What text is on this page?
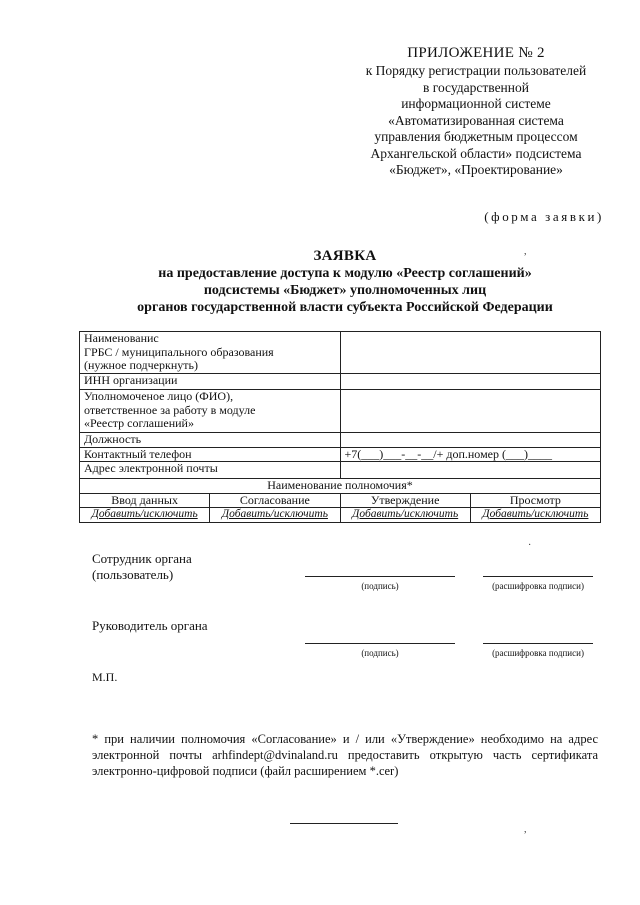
ПРИЛОЖЕНИЕ № 2
к Порядку регистрации пользователей
в государственной
информационной системе
«Автоматизированная система
управления бюджетным процессом
Архангельской области» подсистема
«Бюджет», «Проектирование»
(форма заявки)
,
·
,
ЗАЯВКА
на предоставление доступа к модулю «Реестр соглашений»
подсистемы «Бюджет» уполномоченных лиц
органов государственной власти субъекта Российской Федерации
Наименованис
ГРБС / муниципального образования
(нужное подчеркнуть)			

ИНН организации			

Уполномоченое лицо (ФИО),
ответственное за работу в модуле
«Реестр соглашений»			

Должность			
Контактный телефон		+7(___)___-__-__/+ доп.номер (___)____	
Адрес электронной почты			
Наименование полномочия*			
Ввод данных	Согласование	Утверждение	Просмотр
Добавить/исключить	Добавить/исключить	Добавить/исключить	Добавить/исключить
Сотрудник органа
(пользователь)
(подпись)	(расшифровка подписи)
Руководитель органа
(подпись)	(расшифровка подписи)
М.П.
* при наличии полномочия «Согласование» и / или «Утверждение» необходимо на адрес электронной почты arhfindept@dvinaland.ru предоставить открытую часть сертификата электронно-цифровой подписи (файл расширением *.cer)
